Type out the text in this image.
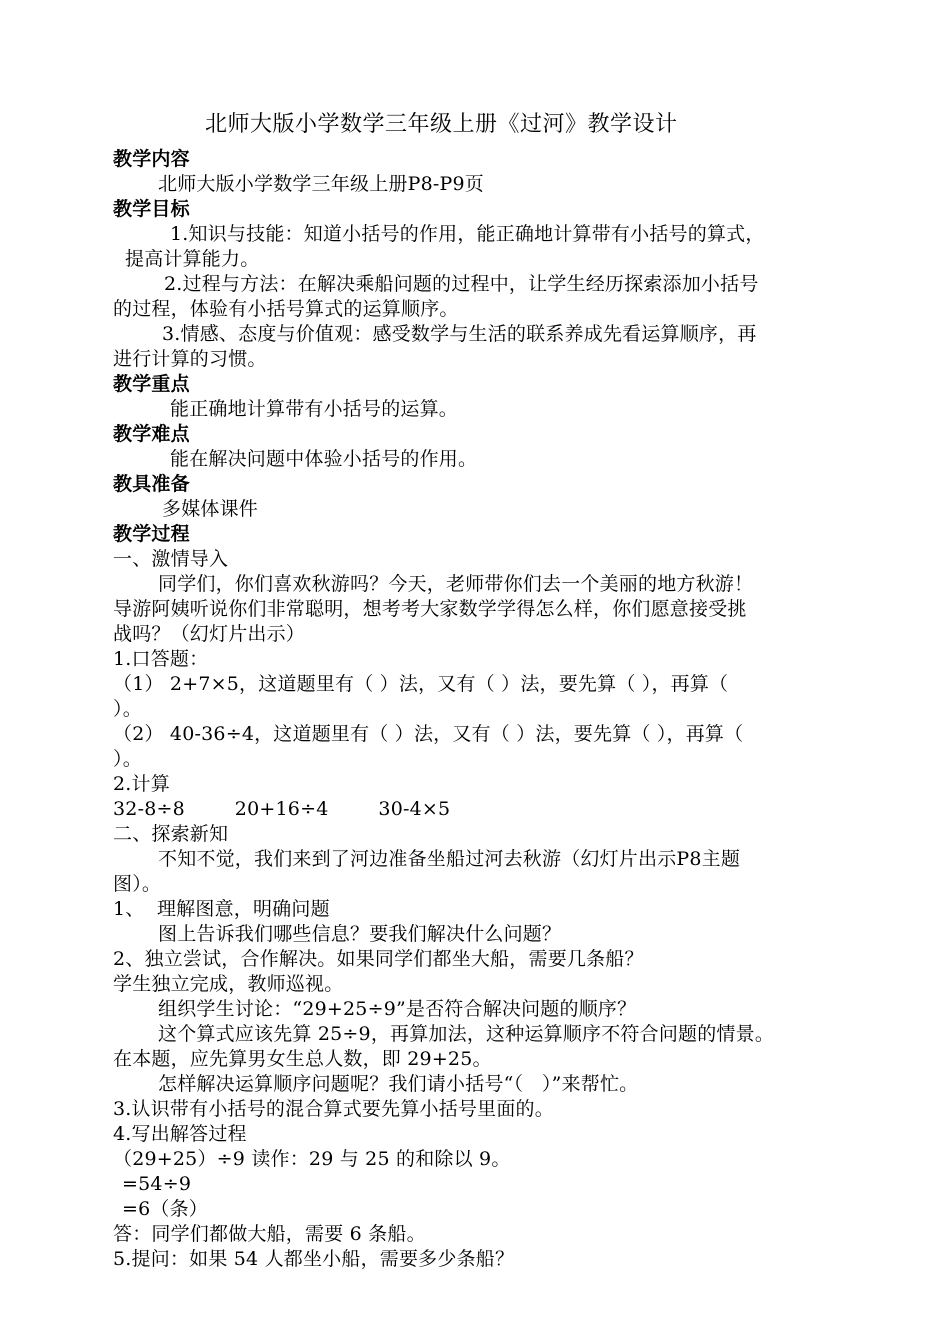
北师大版小学数学三年级上册《过河》教学设计
教学内容
北师大版小学数学三年级上册P8-P9页
教学目标
1.知识与技能：知道小括号的作用，能正确地计算带有小括号的算式，
提高计算能力。
2.过程与方法：在解决乘船问题的过程中，让学生经历探索添加小括号
的过程，体验有小括号算式的运算顺序。
3.情感、态度与价值观：感受数学与生活的联系养成先看运算顺序，再
进行计算的习惯。
教学重点
能正确地计算带有小括号的运算。
教学难点
能在解决问题中体验小括号的作用。
教具准备
多媒体课件
教学过程
一、激情导入
同学们，你们喜欢秋游吗？今天，老师带你们去一个美丽的地方秋游！
导游阿姨听说你们非常聪明，想考考大家数学学得怎么样，你们愿意接受挑
战吗？（幻灯片出示）
1.口答题：
（1） 2+7×5，这道题里有（ ）法，又有（ ）法，要先算（ ），再算（
）。
（2） 40-36÷4，这道题里有（ ）法，又有（ ）法，要先算（ ），再算（
）。
2.计算
32-8÷8        20+16÷4        30-4×5
二、探索新知
不知不觉，我们来到了河边准备坐船过河去秋游（幻灯片出示P8主题
图）。
1、  理解图意，明确问题
图上告诉我们哪些信息？要我们解决什么问题？
2、独立尝试，合作解决。如果同学们都坐大船，需要几条船？
学生独立完成，教师巡视。
组织学生讨论：“29+25÷9”是否符合解决问题的顺序？
这个算式应该先算 25÷9，再算加法，这种运算顺序不符合问题的情景。
在本题，应先算男女生总人数，即 29+25。
怎样解决运算顺序问题呢？我们请小括号“（   ）”来帮忙。
3.认识带有小括号的混合算式要先算小括号里面的。
4.写出解答过程
（29+25）÷9 读作：29 与 25 的和除以 9。
=54÷9
=6（条）
答：同学们都做大船，需要 6 条船。
5.提问：如果 54 人都坐小船，需要多少条船？
